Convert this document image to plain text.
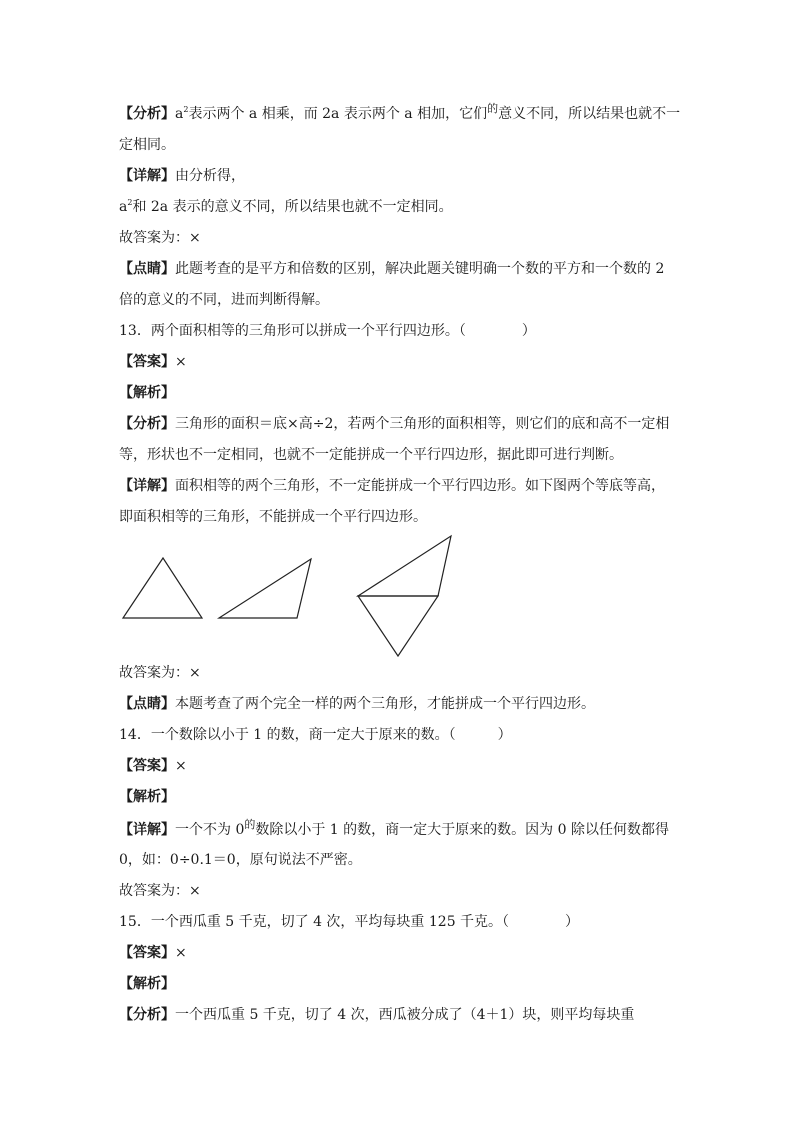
【分析】$a^2$表示两个 a 相乘，而 2a 表示两个 a 相加，它们$^的$意义不同，所以结果也就不一
定相同。
【详解】由分析得，
$a^2$和 2a 表示的意义不同，所以结果也就不一定相同。
故答案为：×
【点睛】此题考查的是平方和倍数的区别，解决此题关键明确一个数的平方和一个数的 2
倍的意义的不同，进而判断得解。
13．两个面积相等的三角形可以拼成一个平行四边形。（　　　　）
【答案】×
【解析】
【分析】三角形的面积＝底×高÷2，若两个三角形的面积相等，则它们的底和高不一定相
等，形状也不一定相同，也就不一定能拼成一个平行四边形，据此即可进行判断。
【详解】面积相等的两个三角形，不一定能拼成一个平行四边形。如下图两个等底等高，
即面积相等的三角形，不能拼成一个平行四边形。
故答案为：×
【点睛】本题考查了两个完全一样的两个三角形，才能拼成一个平行四边形。
14．一个数除以小于 1 的数，商一定大于原来的数。（　　　）
【答案】×
【解析】
【详解】一个不为 $0^的$数除以小于 1 的数，商一定大于原来的数。因为 0 除以任何数都得
0，如：0÷0.1＝0，原句说法不严密。
故答案为：×
15．一个西瓜重 5 千克，切了 4 次，平均每块重 125 千克。（　　　　）
【答案】×
【解析】
【分析】一个西瓜重 5 千克，切了 4 次，西瓜被分成了（4＋1）块，则平均每块重
